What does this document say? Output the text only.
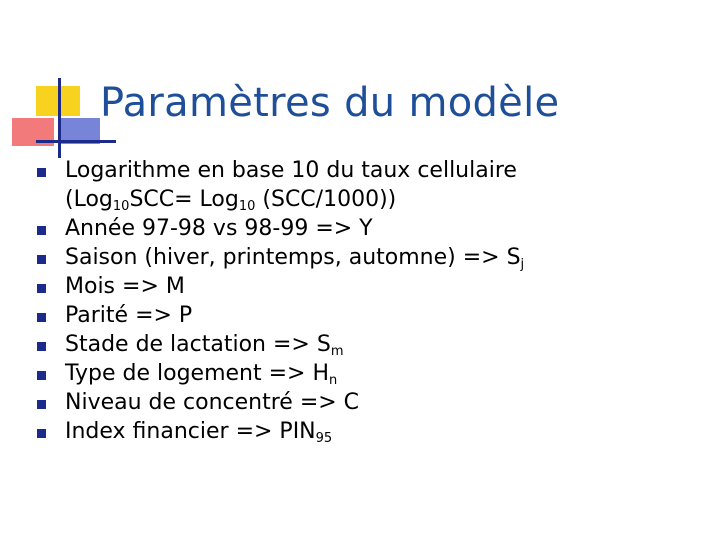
Paramètres du modèle
Logarithme en base 10 du taux cellulaire
(Log$_{10}$SCC= Log$_{10}$ (SCC/1000))
Année 97-98 vs 98-99 => Y
Saison (hiver, printemps, automne) => $S_j$
Mois => M
Parité => P
Stade de lactation => $S_m$
Type de logement => $H_n$
Niveau de concentré => C
Index financier => $PIN_{95}$
